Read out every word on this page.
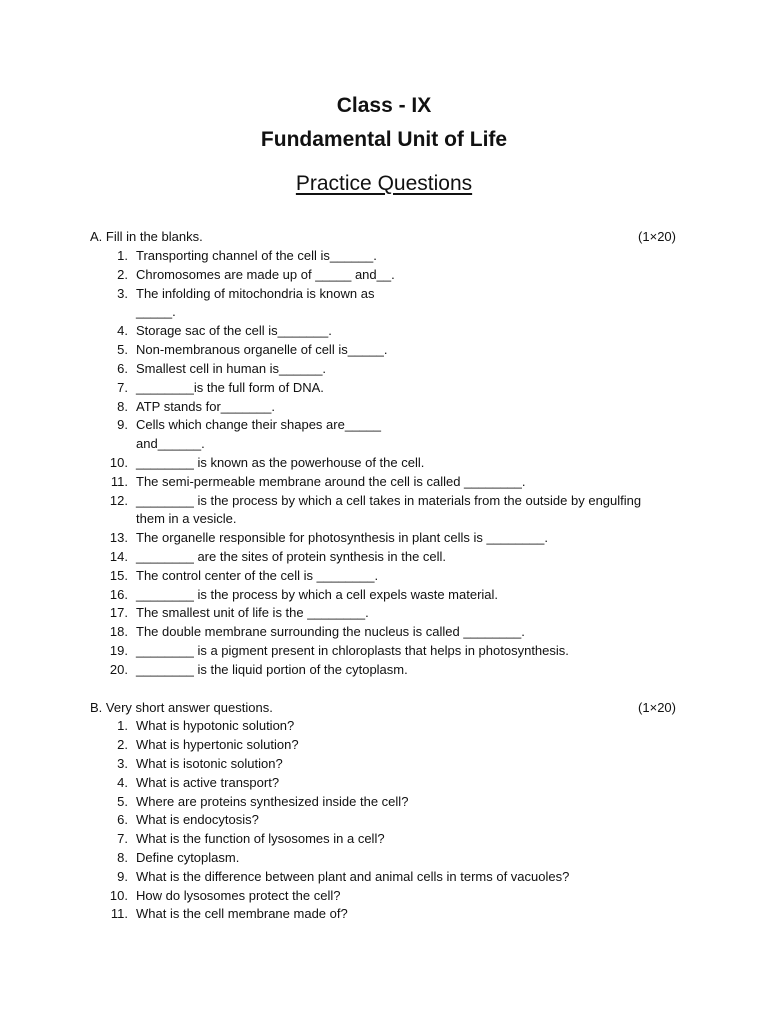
Class - IX
Fundamental Unit of Life
Practice Questions
A. Fill in the blanks.	(1×20)
1. Transporting channel of the cell is______.
2. Chromosomes are made up of _____ and__.
3. The infolding of mitochondria is known as
_____.
4. Storage sac of the cell is_______.
5. Non-membranous organelle of cell is_____.
6. Smallest cell in human is______.
7. ________is the full form of DNA.
8. ATP stands for_______.
9. Cells which change their shapes are_____
and______.
10. ________ is known as the powerhouse of the cell.
11. The semi-permeable membrane around the cell is called ________.
12. ________ is the process by which a cell takes in materials from the outside by engulfing
them in a vesicle.
13. The organelle responsible for photosynthesis in plant cells is ________.
14. ________ are the sites of protein synthesis in the cell.
15. The control center of the cell is ________.
16. ________ is the process by which a cell expels waste material.
17. The smallest unit of life is the ________.
18. The double membrane surrounding the nucleus is called ________.
19. ________ is a pigment present in chloroplasts that helps in photosynthesis.
20. ________ is the liquid portion of the cytoplasm.
B. Very short answer questions.	(1×20)
1. What is hypotonic solution?
2. What is hypertonic solution?
3. What is isotonic solution?
4. What is active transport?
5. Where are proteins synthesized inside the cell?
6. What is endocytosis?
7. What is the function of lysosomes in a cell?
8. Define cytoplasm.
9. What is the difference between plant and animal cells in terms of vacuoles?
10. How do lysosomes protect the cell?
11. What is the cell membrane made of?
